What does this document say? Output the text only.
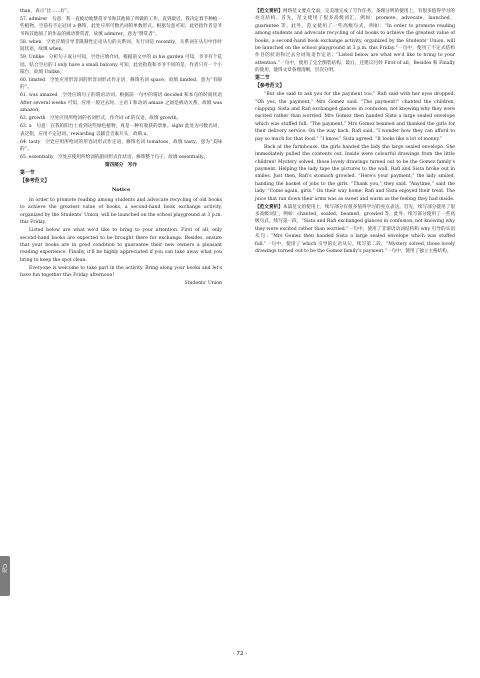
than，表示“比……好”。

57. admirer　句意：我一直被动地赞赏爷爷和其他阅了所做的工作，直到最近，我决定着手种植一些植物。空前有不定冠词 a 修饰，此处应用可数名词的单数形式。根据句意可知，此处指作者是爷爷和其他阅了的作品的被动赞赏者，故填 admirer，意为“赞赏者”。

58. when　空处应填引导非限制性定语从句的关系词。先行词是 recently，关系词在从句中作时间状语，故填 when。

59. Unlike　分析句子成分可知，空处应填介词。根据前文中的 in his garden 可知，爷爷有个花园。结合空后的 I only have a small balcony 可知，此处指我和爷爷不同的是，作者只有一个小阳台，故填 Unlike。

60. limited　空处应用形容词的形容词形式作定语，修饰名词 space，故填 limited，意为“有限的”。

61. was amazed　空处应填句子的谓语动词。根据前一句中的谓语 decided 和本句的时间状语 After several weeks 可知，应用一般过去时。主语 I 和动词 amaze 之间是被动关系，故填 was amazed。

62. growth　空处应用所给词的名词形式，作介词 of 的宾语，故填 growth。

63. a　句意：在我的阳台上看到这些绿色植物，真是一种有收获的景象。sight 此处为可数名词，表泛指，应用不定冠词。rewarding 以辅音音素开头，故填 a。

64. tasty　空处应用所给词的形容词形式作定语，修饰名词 tomatoes，故填 tasty，意为“美味的”。

65. essentially　空处应使用所给词的副词形式作状语，修饰整个句子，故填 essentially。

第四部分　写作

第一节

【参考范文】

Notice

In order to promote reading among students and advocate recycling of old books to achieve the greatest value of books, a second-hand book exchange activity, organized by the Students' Union, will be launched on the school playground at 3 p.m. this Friday.

Listed below are what we'd like to bring to your attention. First of all, only second-hand books are expected to be brought there for exchange. Besides, ensure that your books are in good condition to guarantee their new owners a pleasant reading experience. Finally, it'll be highly appreciated if you can take away what you bring to keep the spot clean.

Everyone is welcome to take part in the activity. Bring along your books and let's have fun together this Friday afternoon!

Students' Union

【范文赏析】网络范文要点全面，完美地完成了写作任务，条理分明的使用上，有很多值得学习的亮点结构。首先，范文使用了很多高级词汇，例如：promote，advocate，launched，guarantee 等。此外，范文使用了一些高级句式，例如：“In order to promote reading among students and advocate recycling of old books to achieve the greatest value of books, a second-hand book exchange activity, organized by the Students' Union, will be launched on the school playground at 3 p.m. this Friday.”一句中，使用了不定式结构作目的状语和过去分词短语作定语；“Listed below are what we'd like to bring to your attention.”一句中，使用了完全倒装结构。最后，还建议巧妙 First of all，Besides 和 Finally 的使用，使得文章条理清晰，层次分明。

第二节

【参考范文】

“But she said to ask you for the payment too,” Rafi said with her eyes dropped. “Oh yes, the payment,” Mrs Gomez said. “The payment!” chanted the children, clapping. Sista and Rafi exchanged glances in confusion, not knowing why they were excited rather than worried. Mrs Gomez then handed Sista a large sealed envelope which was stuffed full. “The payment,” Mrs Gomez beamed and thanked the girls for their delivery service. On the way back, Rafi said, “I wonder how they can afford to pay so much for that food.” “I know,” Sista agreed. “It looks like a lot of money.”

Back at the farmhouse, the girls handed the lady the large sealed envelope. She immediately pulled the contents out. Inside were colourful drawings from the little children! Mystery solved, those lovely drawings turned out to be the Gomez family's payment. Helping the lady tape the pictures to the wall, Rafi and Sista broke out in smiles. Just then, Rafi's stomach growled. “Here's your payment,” the lady smiled, handing the basket of jobs to the girls. “Thank you,” they said. “Anytime,” said the lady. “Come again, girls.” On their way home, Rafi and Sista enjoyed their treat. The juice that ran down their arms was as sweet and warm as the feeling they had inside.

【范文赏析】本篇范文的使用上，续写部分有很多值得学习的亮点表达。首先，续写部分使用了很多高级词汇，例如：chanted，sealed，beamed，growled 等。此外，续写部分使用了一些高级句式。续写第一段，“Sista and Rafi exchanged glances in confusion, not knowing why they were excited rather than worried.”一句中，使用了非谓语动词结构和 why 引导的宾语从句；“Mrs Gomez then handed Sista a large sealed envelope which was stuffed full.”一句中，使用了 which 引导的定语从句。续写第二段，“Mystery solved, those lovely drawings turned out to be the Gomez family's payment.”一句中，使用了独立主格结构。

C版
· 72 ·
